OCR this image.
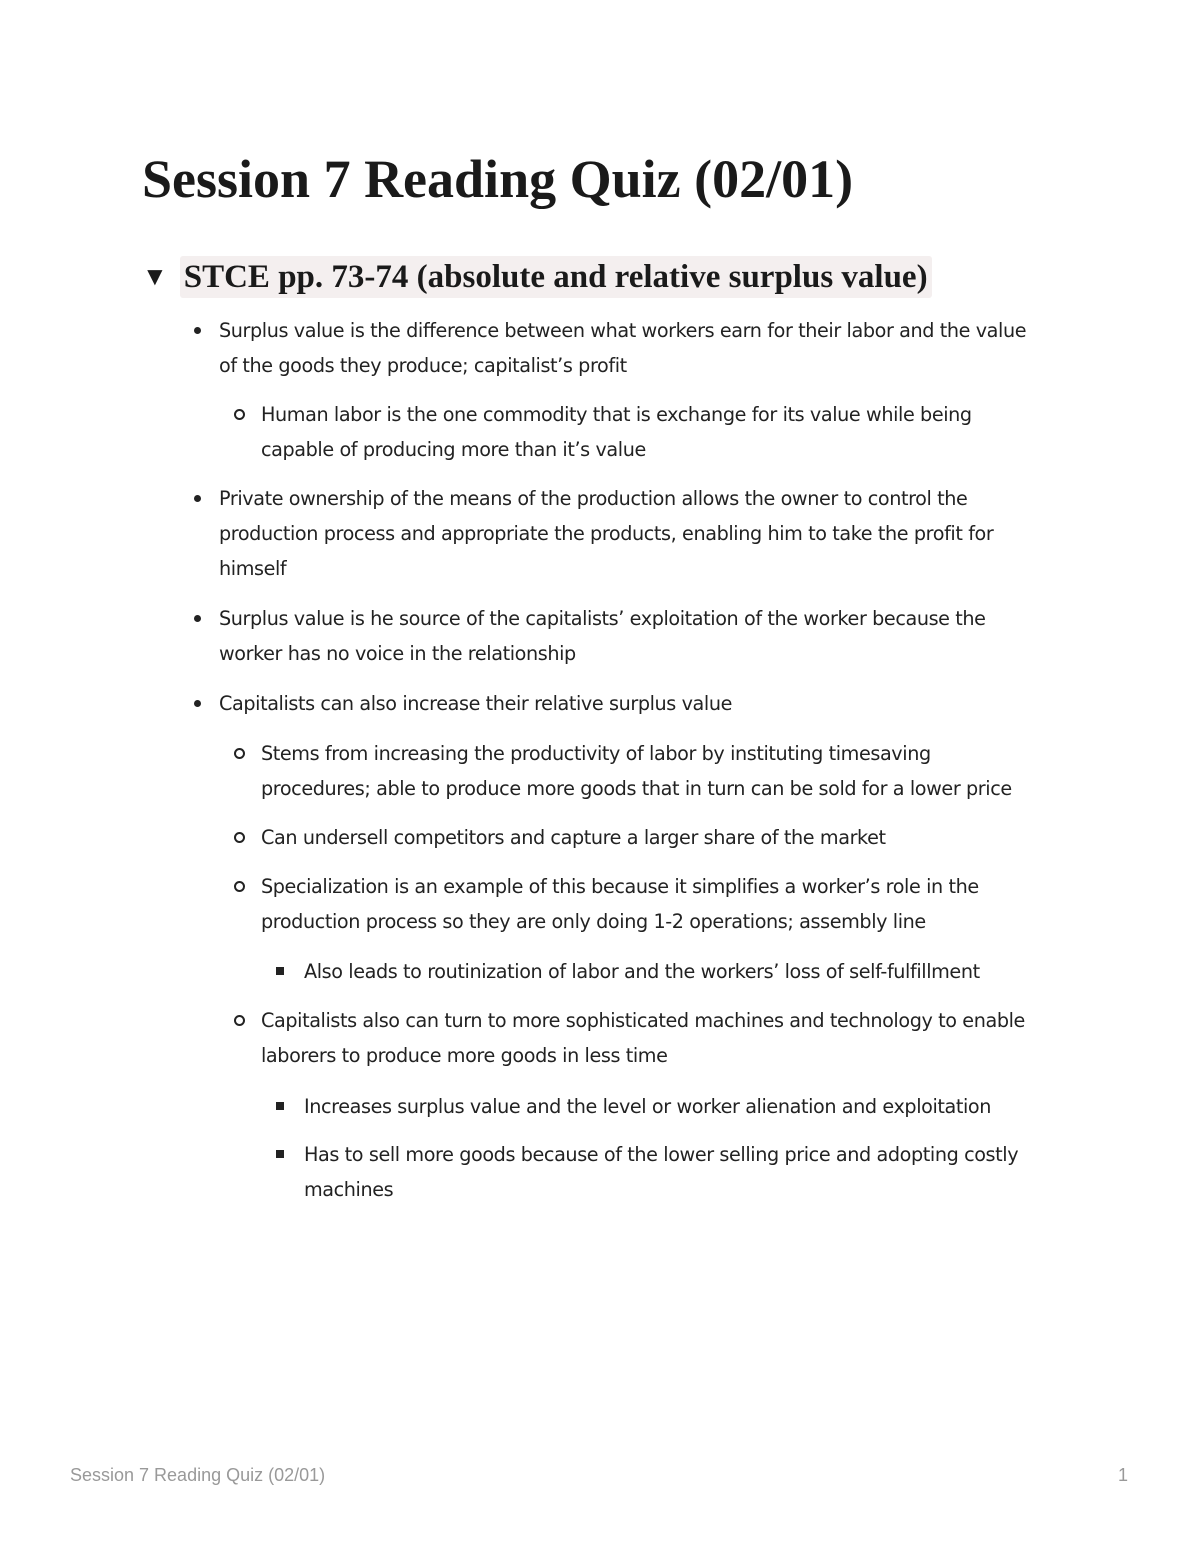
Session 7 Reading Quiz (02/01)
▼ STCE pp. 73-74 (absolute and relative surplus value)
Surplus value is the difference between what workers earn for their labor and the value
of the goods they produce; capitalist’s profit
Human labor is the one commodity that is exchange for its value while being
capable of producing more than it’s value
Private ownership of the means of the production allows the owner to control the
production process and appropriate the products, enabling him to take the profit for
himself
Surplus value is he source of the capitalists’ exploitation of the worker because the
worker has no voice in the relationship
Capitalists can also increase their relative surplus value
Stems from increasing the productivity of labor by instituting timesaving
procedures; able to produce more goods that in turn can be sold for a lower price
Can undersell competitors and capture a larger share of the market
Specialization is an example of this because it simplifies a worker’s role in the
production process so they are only doing 1-2 operations; assembly line
Also leads to routinization of labor and the workers’ loss of self-fulfillment
Capitalists also can turn to more sophisticated machines and technology to enable
laborers to produce more goods in less time
Increases surplus value and the level or worker alienation and exploitation
Has to sell more goods because of the lower selling price and adopting costly
machines
Session 7 Reading Quiz (02/01)	1
